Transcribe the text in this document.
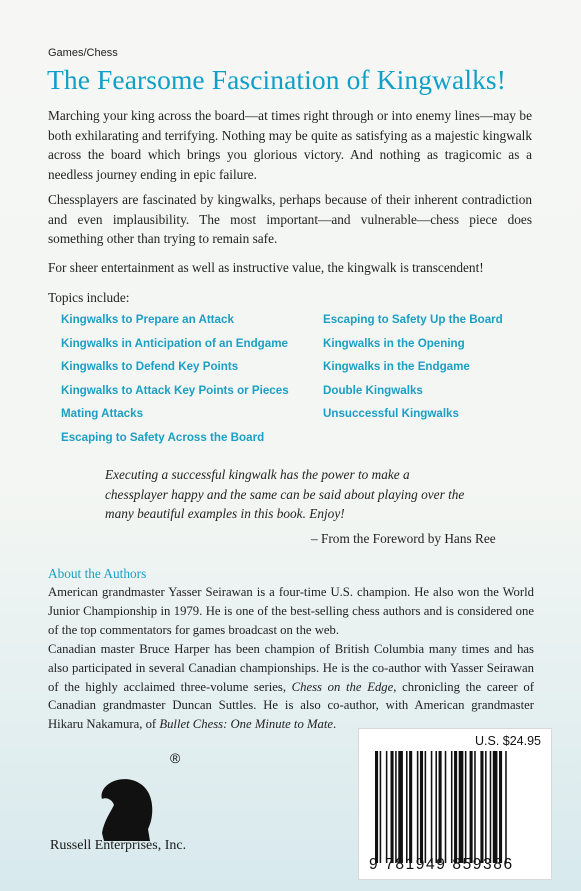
Games/Chess
The Fearsome Fascination of Kingwalks!

Marching your king across the board—at times right through or into enemy lines—may be both exhilarating and terrifying. Nothing may be quite as satisfying as a majestic kingwalk across the board which brings you glorious victory. And nothing as tragicomic as a needless journey ending in epic failure.

Chessplayers are fascinated by kingwalks, perhaps because of their inherent contradiction and even implausibility. The most important—and vulnerable—chess piece does something other than trying to remain safe.

For sheer entertainment as well as instructive value, the kingwalk is transcendent!

Topics include:
Kingwalks to Prepare an Attack
Kingwalks in Anticipation of an Endgame
Kingwalks to Defend Key Points
Kingwalks to Attack Key Points or Pieces
Mating Attacks
Escaping to Safety Across the Board
Escaping to Safety Up the Board
Kingwalks in the Opening
Kingwalks in the Endgame
Double Kingwalks
Unsuccessful Kingwalks

Executing a successful kingwalk has the power to make a chessplayer happy and the same can be said about playing over the many beautiful examples in this book. Enjoy!

– From the Foreword by Hans Ree
About the Authors

American grandmaster Yasser Seirawan is a four-time U.S. champion. He also won the World Junior Championship in 1979. He is one of the best-selling chess authors and is considered one of the top commentators for games broadcast on the web.

Canadian master Bruce Harper has been champion of British Columbia many times and has also participated in several Canadian championships. He is the co-author with Yasser Seirawan of the highly acclaimed three-volume series, Chess on the Edge, chronicling the career of Canadian grandmaster Duncan Suttles. He is also co-author, with American grandmaster Hikaru Nakamura, of Bullet Chess: One Minute to Mate.

®
Russell Enterprises, Inc.
U.S. $24.95
9 781949 859386
